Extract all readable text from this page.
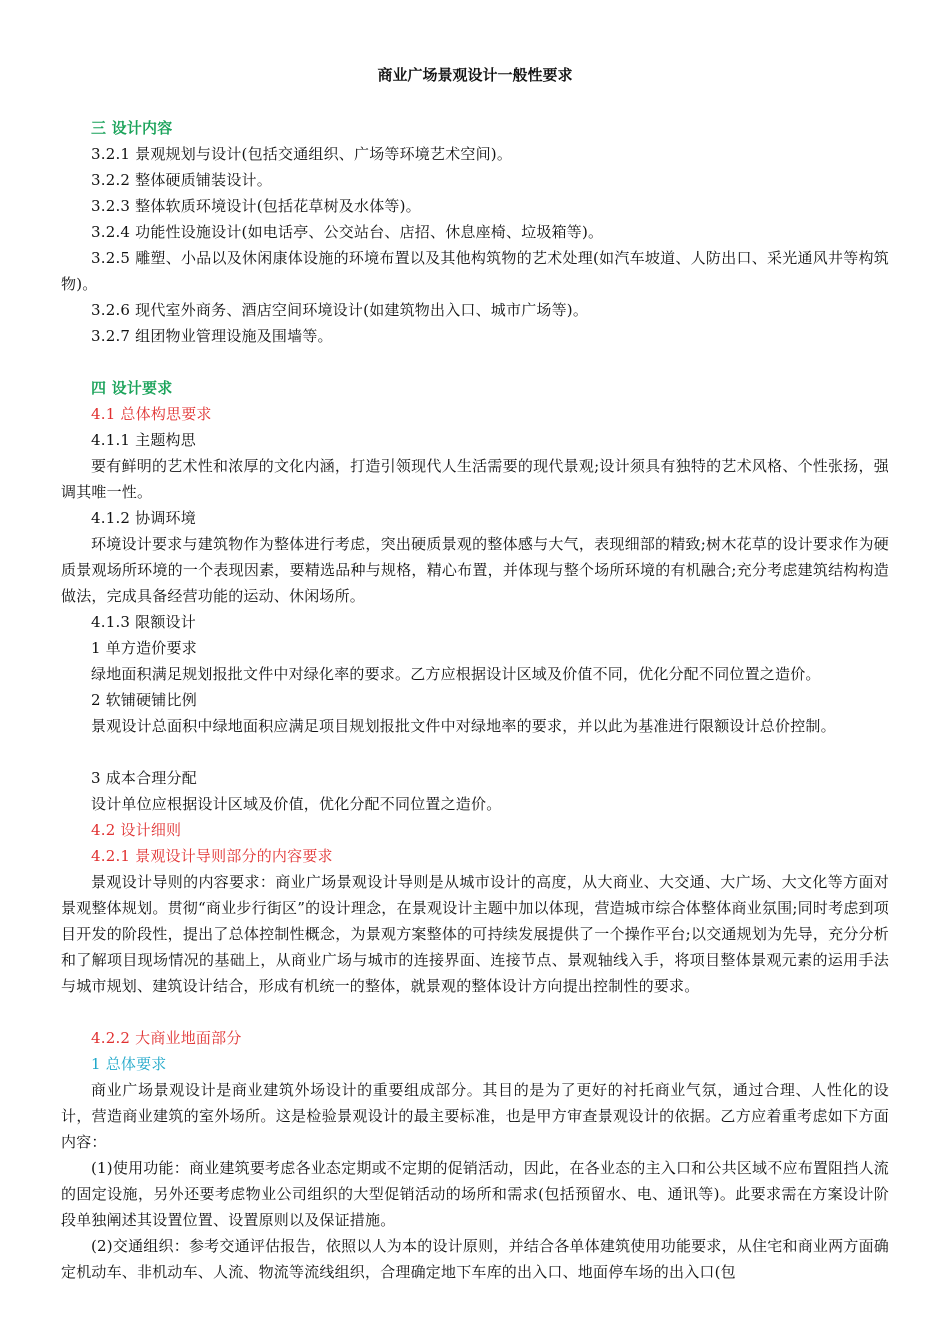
商业广场景观设计一般性要求
三 设计内容
3.2.1 景观规划与设计(包括交通组织、广场等环境艺术空间)。
3.2.2 整体硬质铺装设计。
3.2.3 整体软质环境设计(包括花草树及水体等)。
3.2.4 功能性设施设计(如电话亭、公交站台、店招、休息座椅、垃圾箱等)。
3.2.5 雕塑、小品以及休闲康体设施的环境布置以及其他构筑物的艺术处理(如汽车坡道、人防出口、采光通风井等构筑物)。
3.2.6 现代室外商务、酒店空间环境设计(如建筑物出入口、城市广场等)。
3.2.7 组团物业管理设施及围墙等。
四 设计要求
4.1 总体构思要求
4.1.1 主题构思
要有鲜明的艺术性和浓厚的文化内涵，打造引领现代人生活需要的现代景观;设计须具有独特的艺术风格、个性张扬，强调其唯一性。
4.1.2 协调环境
环境设计要求与建筑物作为整体进行考虑，突出硬质景观的整体感与大气，表现细部的精致;树木花草的设计要求作为硬质景观场所环境的一个表现因素，要精选品种与规格，精心布置，并体现与整个场所环境的有机融合;充分考虑建筑结构构造做法，完成具备经营功能的运动、休闲场所。
4.1.3 限额设计
1 单方造价要求
绿地面积满足规划报批文件中对绿化率的要求。乙方应根据设计区域及价值不同，优化分配不同位置之造价。
2 软铺硬铺比例
景观设计总面积中绿地面积应满足项目规划报批文件中对绿地率的要求，并以此为基准进行限额设计总价控制。
3 成本合理分配
设计单位应根据设计区域及价值，优化分配不同位置之造价。
4.2 设计细则
4.2.1 景观设计导则部分的内容要求
景观设计导则的内容要求：商业广场景观设计导则是从城市设计的高度，从大商业、大交通、大广场、大文化等方面对景观整体规划。贯彻“商业步行街区”的设计理念，在景观设计主题中加以体现，营造城市综合体整体商业氛围;同时考虑到项目开发的阶段性，提出了总体控制性概念，为景观方案整体的可持续发展提供了一个操作平台;以交通规划为先导，充分分析和了解项目现场情况的基础上，从商业广场与城市的连接界面、连接节点、景观轴线入手，将项目整体景观元素的运用手法与城市规划、建筑设计结合，形成有机统一的整体，就景观的整体设计方向提出控制性的要求。
4.2.2 大商业地面部分
1 总体要求
商业广场景观设计是商业建筑外场设计的重要组成部分。其目的是为了更好的衬托商业气氛，通过合理、人性化的设计，营造商业建筑的室外场所。这是检验景观设计的最主要标准，也是甲方审查景观设计的依据。乙方应着重考虑如下方面内容：
(1)使用功能：商业建筑要考虑各业态定期或不定期的促销活动，因此，在各业态的主入口和公共区域不应布置阻挡人流的固定设施，另外还要考虑物业公司组织的大型促销活动的场所和需求(包括预留水、电、通讯等)。此要求需在方案设计阶段单独阐述其设置位置、设置原则以及保证措施。
(2)交通组织：参考交通评估报告，依照以人为本的设计原则，并结合各单体建筑使用功能要求，从住宅和商业两方面确定机动车、非机动车、人流、物流等流线组织，合理确定地下车库的出入口、地面停车场的出入口(包
